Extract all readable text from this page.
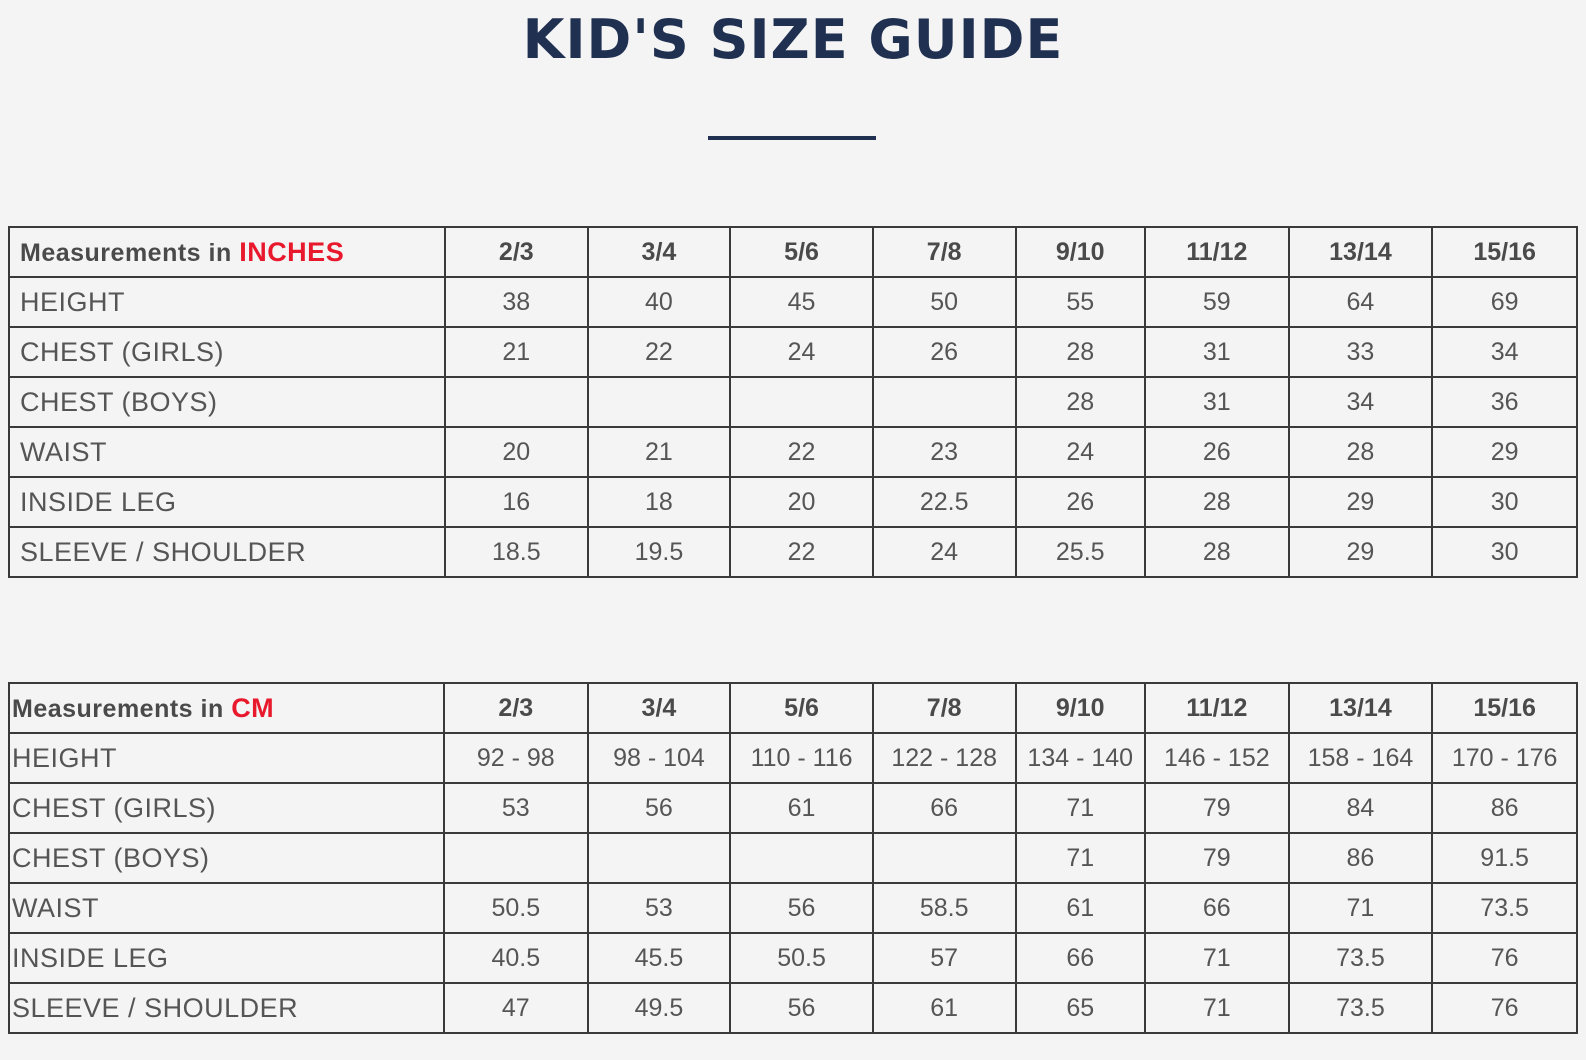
KID'S SIZE GUIDE
Measurements in INCHES	2/3	3/4	5/6	7/8	9/10	11/12	13/14	15/16
HEIGHT	38	40	45	50	55	59	64	69
CHEST (GIRLS)	21	22	24	26	28	31	33	34
CHEST (BOYS)					28	31	34	36
WAIST	20	21	22	23	24	26	28	29
INSIDE LEG	16	18	20	22.5	26	28	29	30
SLEEVE / SHOULDER	18.5	19.5	22	24	25.5	28	29	30
Measurements in CM	2/3	3/4	5/6	7/8	9/10	11/12	13/14	15/16
HEIGHT	92 - 98	98 - 104	110 - 116	122 - 128	134 - 140	146 - 152	158 - 164	170 - 176
CHEST (GIRLS)	53	56	61	66	71	79	84	86
CHEST (BOYS)					71	79	86	91.5
WAIST	50.5	53	56	58.5	61	66	71	73.5
INSIDE LEG	40.5	45.5	50.5	57	66	71	73.5	76
SLEEVE / SHOULDER	47	49.5	56	61	65	71	73.5	76
